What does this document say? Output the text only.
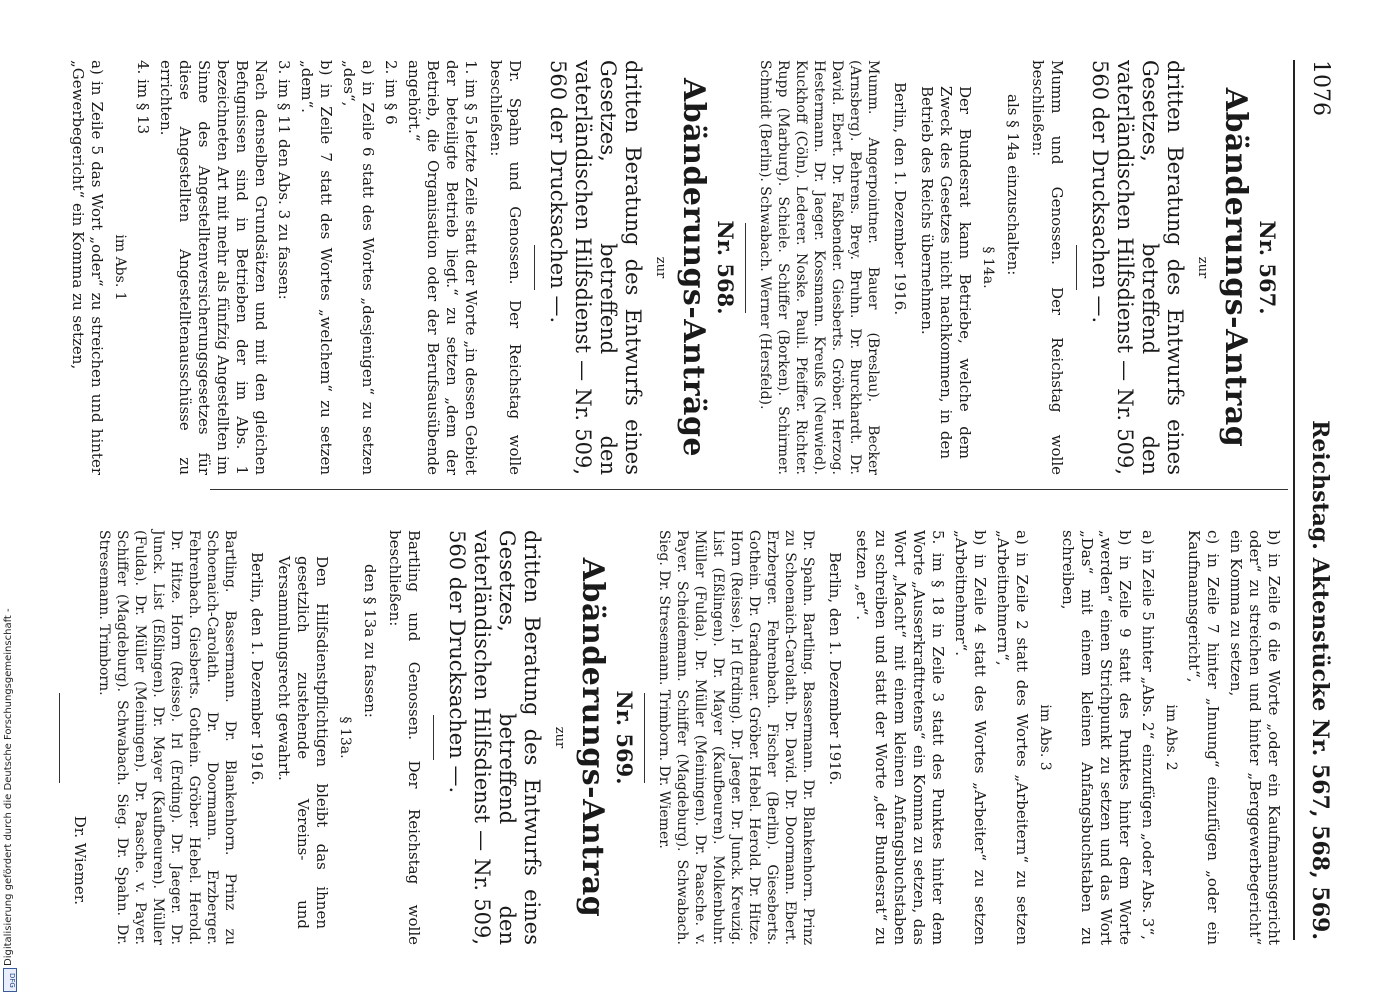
1076
Reichstag. Aktenstücke Nr. 567, 568, 569.
Nr. 567.
Abänderungs-Antrag
zur
dritten Beratung des Entwurfs eines Gesetzes, betreffend den vaterländischen Hilfsdienst — Nr. 509, 560 der Drucksachen —.

Mumm und Genossen. Der Reichstag wolle beschließen:

als § 14a einzuschalten:

§ 14a.

Der Bundesrat kann Betriebe, welche dem Zweck des Gesetzes nicht nachkommen, in den Betrieb des Reichs übernehmen.

Berlin, den 1. Dezember 1916.

Mumm. Angerpointner. Bauer (Breslau). Becker (Arnsberg). Behrens. Brey. Bruhn. Dr. Burckhardt. Dr. David. Ebert. Dr. Faßbender. Giesberts. Gröber. Herzog. Hestermann. Dr. Jaeger. Kossmann. Kreußs (Neuwied). Kuckhoff (Cöln). Lederer. Noske. Pauli. Pfeiffer. Richter. Rupp (Marburg). Schiele. Schiffer (Borken). Schirmer. Schmidt (Berlin). Schwabach. Werner (Hersfeld).

Nr. 568.
Abänderungs-Anträge
zur
dritten Beratung des Entwurfs eines Gesetzes, betreffend den vaterländischen Hilfsdienst — Nr. 509, 560 der Drucksachen —.

Dr. Spahn und Genossen. Der Reichstag wolle beschließen:

1. im § 5 letzte Zeile statt der Worte „in dessen Gebiet der beteiligte Betrieb liegt.“ zu setzen „dem der Betrieb, die Organisation oder der Berufsausübende angehört.“

2. im § 6

a) in Zeile 6 statt des Wortes „desjenigen“ zu setzen „des“,

b) in Zeile 7 statt des Wortes „welchem“ zu setzen „dem“.

3. im § 11 den Abs. 3 zu fassen:

Nach denselben Grundsätzen und mit den gleichen Befugnissen sind in Betrieben der im Abs. 1 bezeichneten Art mit mehr als fünfzig Angestellten im Sinne des Angestelltenversicherungsgesetzes für diese Angestellten Angestelltenausschüsse zu errichten.

4. im § 13

im Abs. 1

a) in Zeile 5 das Wort „oder“ zu streichen und hinter „Gewerbegericht“ ein Komma zu setzen,

b) in Zeile 6 die Worte „oder ein Kaufmannsgericht oder“ zu streichen und hinter „Berggewerbegericht“ ein Komma zu setzen,

c) in Zeile 7 hinter „Innung“ einzufügen „oder ein Kaufmannsgericht“,

im Abs. 2

a) in Zeile 5 hinter „Abs. 2“ einzufügen „oder Abs. 3“,

b) in Zeile 9 statt des Punktes hinter dem Worte „werden“ einen Strichpunkt zu setzen und das Wort „Das“ mit einem kleinen Anfangsbuchstaben zu schreiben,

im Abs. 3

a) in Zeile 2 statt des Wortes „Arbeitern“ zu setzen „Arbeitnehmern“,

b) in Zeile 4 statt des Wortes „Arbeiter“ zu setzen „Arbeitnehmer“.

5. im § 18 in Zeile 3 statt des Punktes hinter dem Worte „Ausserkrafttretens“ ein Komma zu setzen, das Wort „Macht“ mit einem kleinen Anfangsbuchstaben zu schreiben und statt der Worte „der Bundesrat“ zu setzen „er“.

Berlin, den 1. Dezember 1916.

Dr. Spahn. Bartling. Bassermann. Dr. Blankenhorn. Prinz zu Schoenaich-Carolath. Dr. David. Dr. Doormann. Ebert. Erzberger. Fehrenbach. Fischer (Berlin). Gieseberts. Gothein. Dr. Gradnauer. Gröber. Hebel. Herold. Dr. Hitze. Horn (Reisse). Irl (Erding). Dr. Jaeger. Dr. Junck. Kreuzig. List (Eßlingen). Dr. Mayer (Kaufbeuren). Molkenbuhr. Müller (Fulda). Dr. Müller (Meiningen). Dr. Paasche. v. Payer. Scheidemann. Schiffer (Magdeburg). Schwabach. Sieg. Dr. Stresemann. Trimborn. Dr. Wiemer.

Nr. 569.
Abänderungs-Antrag
zur
dritten Beratung des Entwurfs eines Gesetzes, betreffend den vaterländischen Hilfsdienst — Nr. 509, 560 der Drucksachen —.

Bartling und Genossen. Der Reichstag wolle beschließen:

den § 13a zu fassen:

§ 13a.

Den Hilfsdienstpflichtigen bleibt das ihnen gesetzlich zustehende Vereins- und Versammlungsrecht gewahrt.

Berlin, den 1. Dezember 1916.

Bartling. Bassermann. Dr. Blankenhorn. Prinz zu Schoenaich-Carolath. Dr. Doormann. Erzberger. Fehrenbach. Giesberts. Gothein. Gröber. Hebel. Herold. Dr. Hitze. Horn (Reisse). Irl (Erding). Dr. Jaeger. Dr. Junck. List (Eßlingen). Dr. Mayer (Kaufbeuren). Müller (Fulda). Dr. Müller (Meiningen). Dr. Paasche. v. Payer. Schiffer (Magdeburg). Schwabach. Sieg. Dr. Spahn. Dr. Stresemann. Trimborn.

Dr. Wiemer.

Digitalisierung gefördert durch die Deutsche Forschungsgemeinschaft -
DFG
